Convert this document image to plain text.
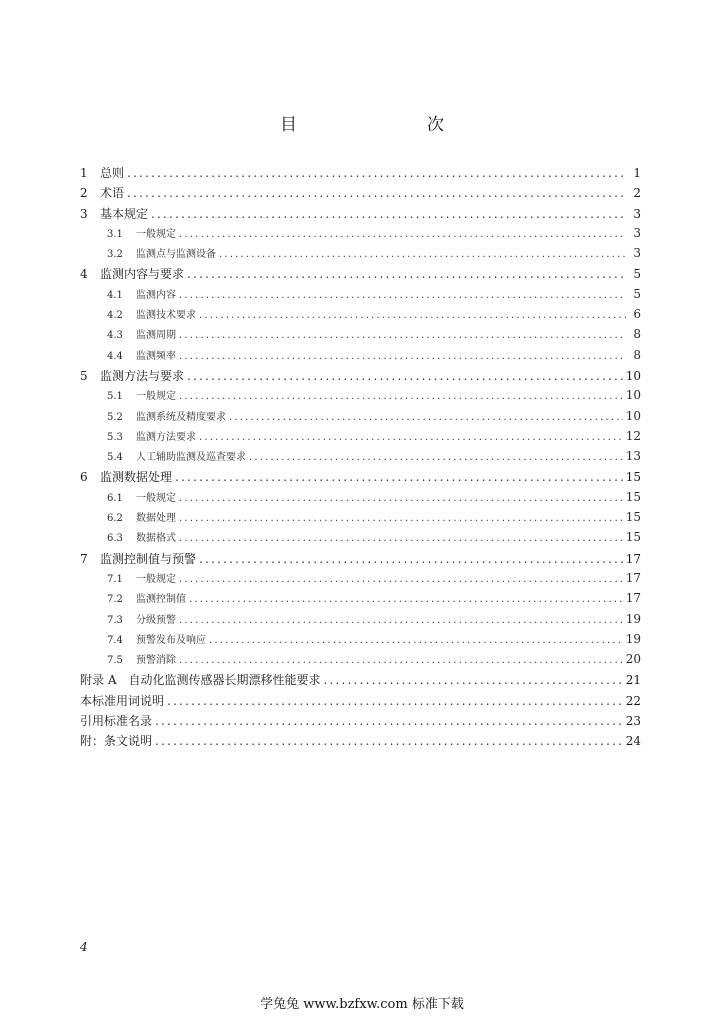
目　　次
1	总则 .....	1
2	术语 .....	2
3	基本规定 .....	3
3.1	一般规定 .....	3
3.2	监测点与监测设备 .....	3
4	监测内容与要求 .....	5
4.1	监测内容 .....	5
4.2	监测技术要求 .....	6
4.3	监测周期 .....	8
4.4	监测频率 .....	8
5	监测方法与要求 .....	10
5.1	一般规定 .....	10
5.2	监测系统及精度要求 .....	10
5.3	监测方法要求 .....	12
5.4	人工辅助监测及巡查要求 .....	13
6	监测数据处理 .....	15
6.1	一般规定 .....	15
6.2	数据处理 .....	15
6.3	数据格式 .....	15
7	监测控制值与预警 .....	17
7.1	一般规定 .....	17
7.2	监测控制值 .....	17
7.3	分级预警 .....	19
7.4	预警发布及响应 .....	19
7.5	预警消除 .....	20
附录 A　自动化监测传感器长期漂移性能要求 .....	21
本标准用词说明 .....	22
引用标准名录 .....	23
附：条文说明 .....	24
4
学兔兔 www.bzfxw.com 标准下载
